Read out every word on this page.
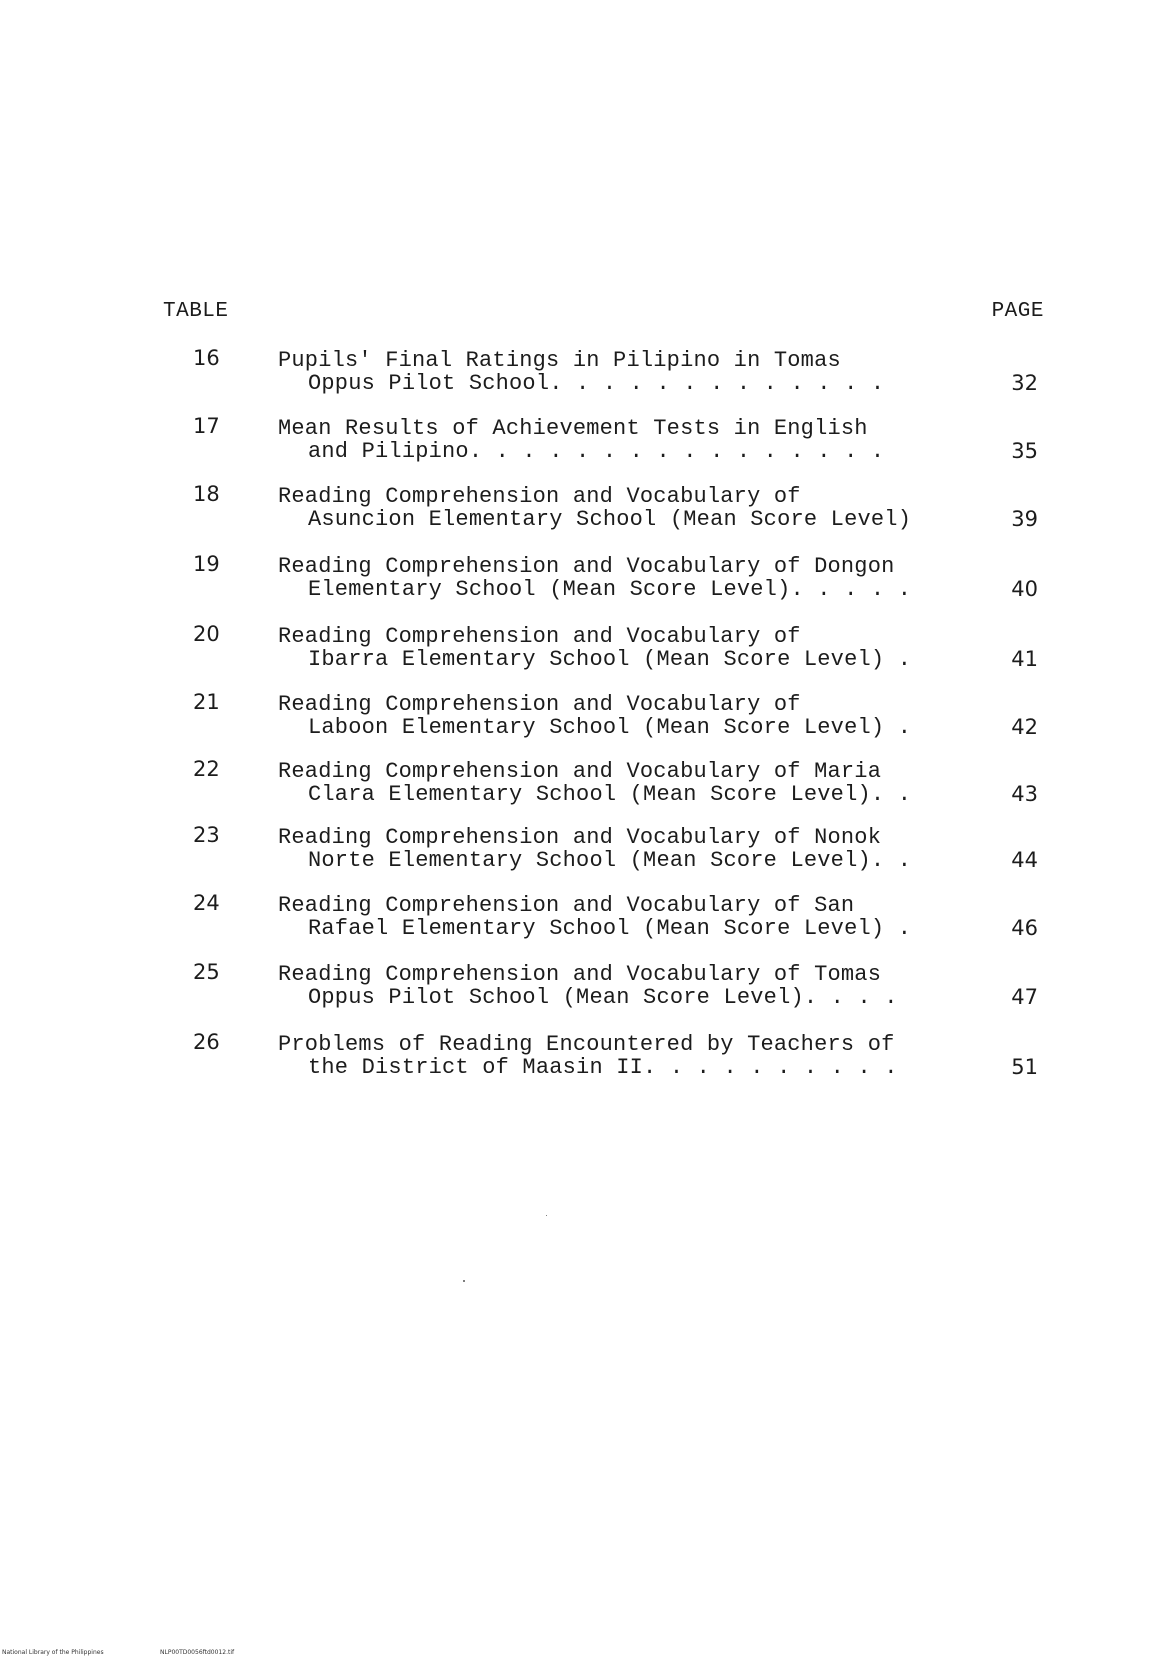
TABLE	PAGE
16	Pupils' Final Ratings in Pilipino in Tomas
Oppus Pilot School. . . . . . . . . . . . .	32
17	Mean Results of Achievement Tests in English
and Pilipino. . . . . . . . . . . . . . . .	35
18	Reading Comprehension and Vocabulary of
Asuncion Elementary School (Mean Score Level)	39
19	Reading Comprehension and Vocabulary of Dongon
Elementary School (Mean Score Level). . . . .	40
20	Reading Comprehension and Vocabulary of
Ibarra Elementary School (Mean Score Level) .	41
21	Reading Comprehension and Vocabulary of
Laboon Elementary School (Mean Score Level) .	42
22	Reading Comprehension and Vocabulary of Maria
Clara Elementary School (Mean Score Level). .	43
23	Reading Comprehension and Vocabulary of Nonok
Norte Elementary School (Mean Score Level). .	44
24	Reading Comprehension and Vocabulary of San
Rafael Elementary School (Mean Score Level) .	46
25	Reading Comprehension and Vocabulary of Tomas
Oppus Pilot School (Mean Score Level). . . .	47
26	Problems of Reading Encountered by Teachers of
the District of Maasin II. . . . . . . . . .	51
National Library of the Philippines	NLP00TD0056ftd0012.tif
